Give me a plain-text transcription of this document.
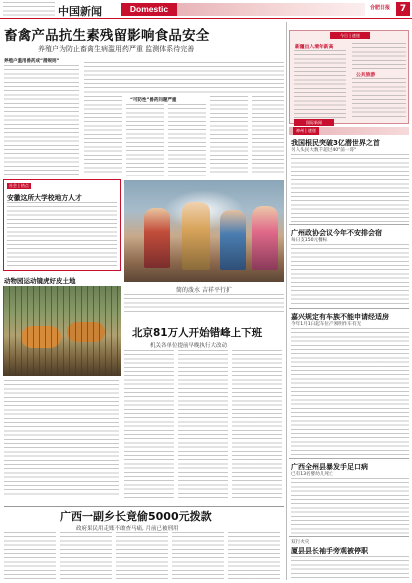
中国新闻	Domestic	合肥日报	7
畜禽产品抗生素残留影响食品安全
养殖户为防止畜禽生病滥用药严重 监测体系待完善
养殖户滥用兽药成“潜规则”
“可防性”兽药问题严重
社会 | 热点
安徽这所大学校地方人才
简的泼水 吉祥平行扩
动物园运动镜虎好皮土地
北京81万人开始错峰上下班
机关各单位提前早晚执行大改动
广西一副乡长竟偷5000元拨款
政府果民用走账不敢查马痛, 月前已被刑用
今日 | 速递
新疆出入境年新高
公共旅游
国际新闻
神州 | 速递
我国根民突破3亿潜世界之首
另人头民大数千超过40"前一哥"
广州政协会议今年不安排会宿
每日支150元餐标
嘉兴规定有车族不能申请经适房
今年1月1日起车位产须明作车有无
广西全州县暴发手足口病
已有13名婴幼儿死亡
双行火灾
厦县县长袖手旁观被停职
